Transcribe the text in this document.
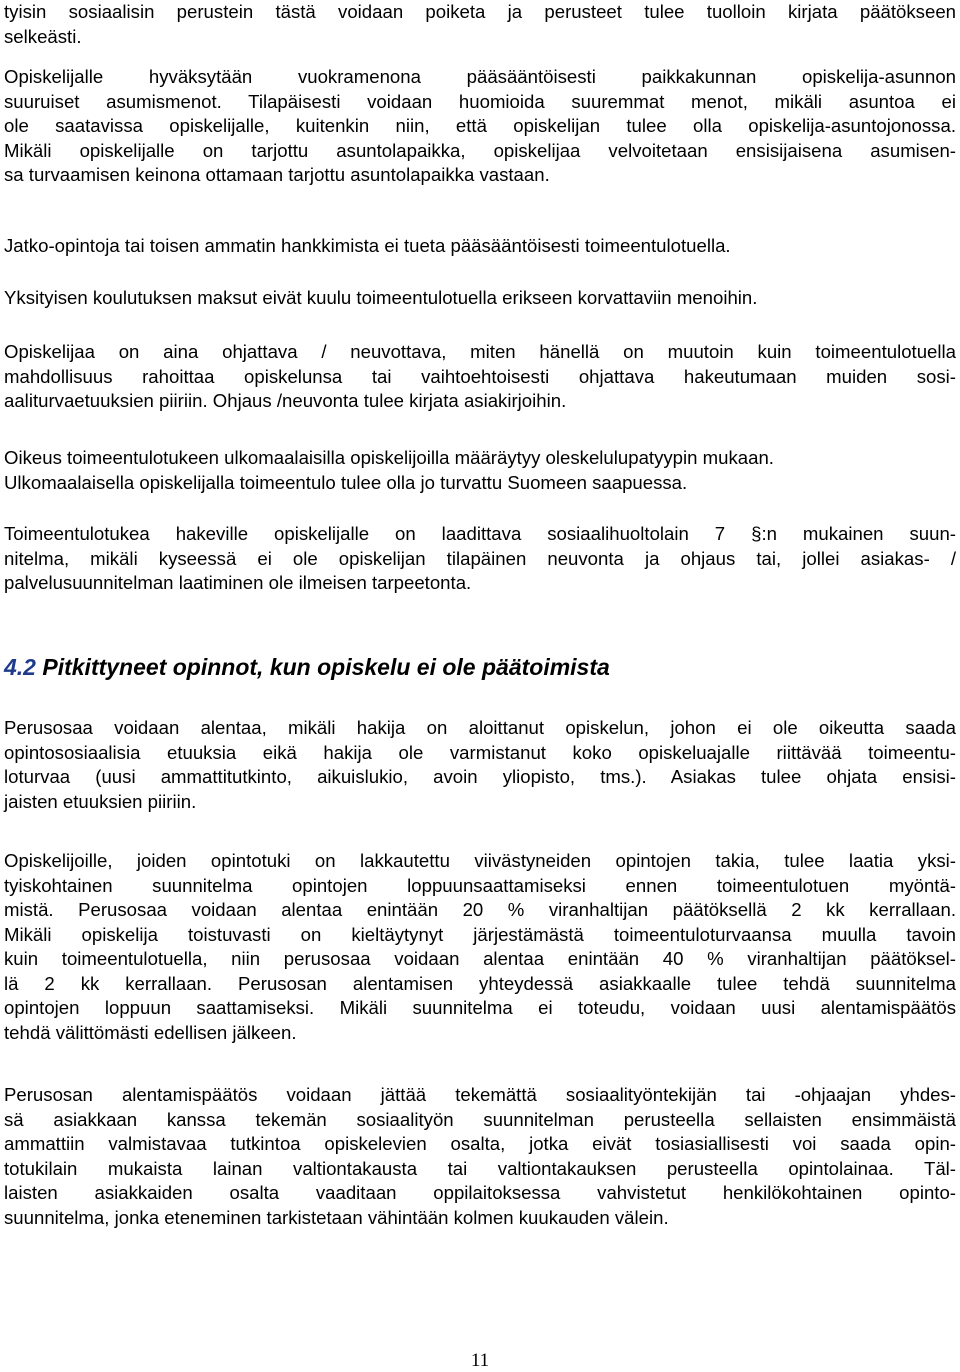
tyisin sosiaalisin perustein tästä voidaan poiketa ja perusteet tulee tuolloin kirjata päätökseen
selkeästi.
Opiskelijalle hyväksytään vuokramenona pääsääntöisesti paikkakunnan opiskelija-asunnon
suuruiset asumismenot. Tilapäisesti voidaan huomioida suuremmat menot, mikäli asuntoa ei
ole saatavissa opiskelijalle, kuitenkin niin, että opiskelijan tulee olla opiskelija-asuntojonossa.
Mikäli opiskelijalle on tarjottu asuntolapaikka, opiskelijaa velvoitetaan ensisijaisena asumisen-
sa turvaamisen keinona ottamaan tarjottu asuntolapaikka vastaan.
Jatko-opintoja tai toisen ammatin hankkimista ei tueta pääsääntöisesti toimeentulotuella.
Yksityisen koulutuksen maksut eivät kuulu toimeentulotuella erikseen korvattaviin menoihin.
Opiskelijaa on aina ohjattava / neuvottava, miten hänellä on muutoin kuin toimeentulotuella
mahdollisuus rahoittaa opiskelunsa tai vaihtoehtoisesti ohjattava hakeutumaan muiden sosi-
aaliturvaetuuksien piiriin. Ohjaus /neuvonta tulee kirjata asiakirjoihin.
Oikeus toimeentulotukeen ulkomaalaisilla opiskelijoilla määräytyy oleskelulupatyypin mukaan.
Ulkomaalaisella opiskelijalla toimeentulo tulee olla jo turvattu Suomeen saapuessa.
Toimeentulotukea hakeville opiskelijalle on laadittava sosiaalihuoltolain 7 §:n mukainen suun-
nitelma, mikäli kyseessä ei ole opiskelijan tilapäinen neuvonta ja ohjaus tai, jollei asiakas- /
palvelusuunnitelman laatiminen ole ilmeisen tarpeetonta.
4.2 Pitkittyneet opinnot, kun opiskelu ei ole päätoimista
Perusosaa voidaan alentaa, mikäli hakija on aloittanut opiskelun, johon ei ole oikeutta saada
opintososiaalisia etuuksia eikä hakija ole varmistanut koko opiskeluajalle riittävää toimeentu-
loturvaa (uusi ammattitutkinto, aikuislukio, avoin yliopisto, tms.). Asiakas tulee ohjata ensisi-
jaisten etuuksien piiriin.
Opiskelijoille, joiden opintotuki on lakkautettu viivästyneiden opintojen takia, tulee laatia yksi-
tyiskohtainen suunnitelma opintojen loppuunsaattamiseksi ennen toimeentulotuen myöntä-
mistä. Perusosaa voidaan alentaa enintään 20 % viranhaltijan päätöksellä 2 kk kerrallaan.
Mikäli opiskelija toistuvasti on kieltäytynyt järjestämästä toimeentuloturvaansa muulla tavoin
kuin toimeentulotuella, niin perusosaa voidaan alentaa enintään 40 % viranhaltijan päätöksel-
lä 2 kk kerrallaan. Perusosan alentamisen yhteydessä asiakkaalle tulee tehdä suunnitelma
opintojen loppuun saattamiseksi. Mikäli suunnitelma ei toteudu, voidaan uusi alentamispäätös
tehdä välittömästi edellisen jälkeen.
Perusosan alentamispäätös voidaan jättää tekemättä sosiaalityöntekijän tai -ohjaajan yhdes-
sä asiakkaan kanssa tekemän sosiaalityön suunnitelman perusteella sellaisten ensimmäistä
ammattiin valmistavaa tutkintoa opiskelevien osalta, jotka eivät tosiasiallisesti voi saada opin-
totukilain mukaista lainan valtiontakausta tai valtiontakauksen perusteella opintolainaa. Täl-
laisten asiakkaiden osalta vaaditaan oppilaitoksessa vahvistetut henkilökohtainen opinto-
suunnitelma, jonka eteneminen tarkistetaan vähintään kolmen kuukauden välein.
11
